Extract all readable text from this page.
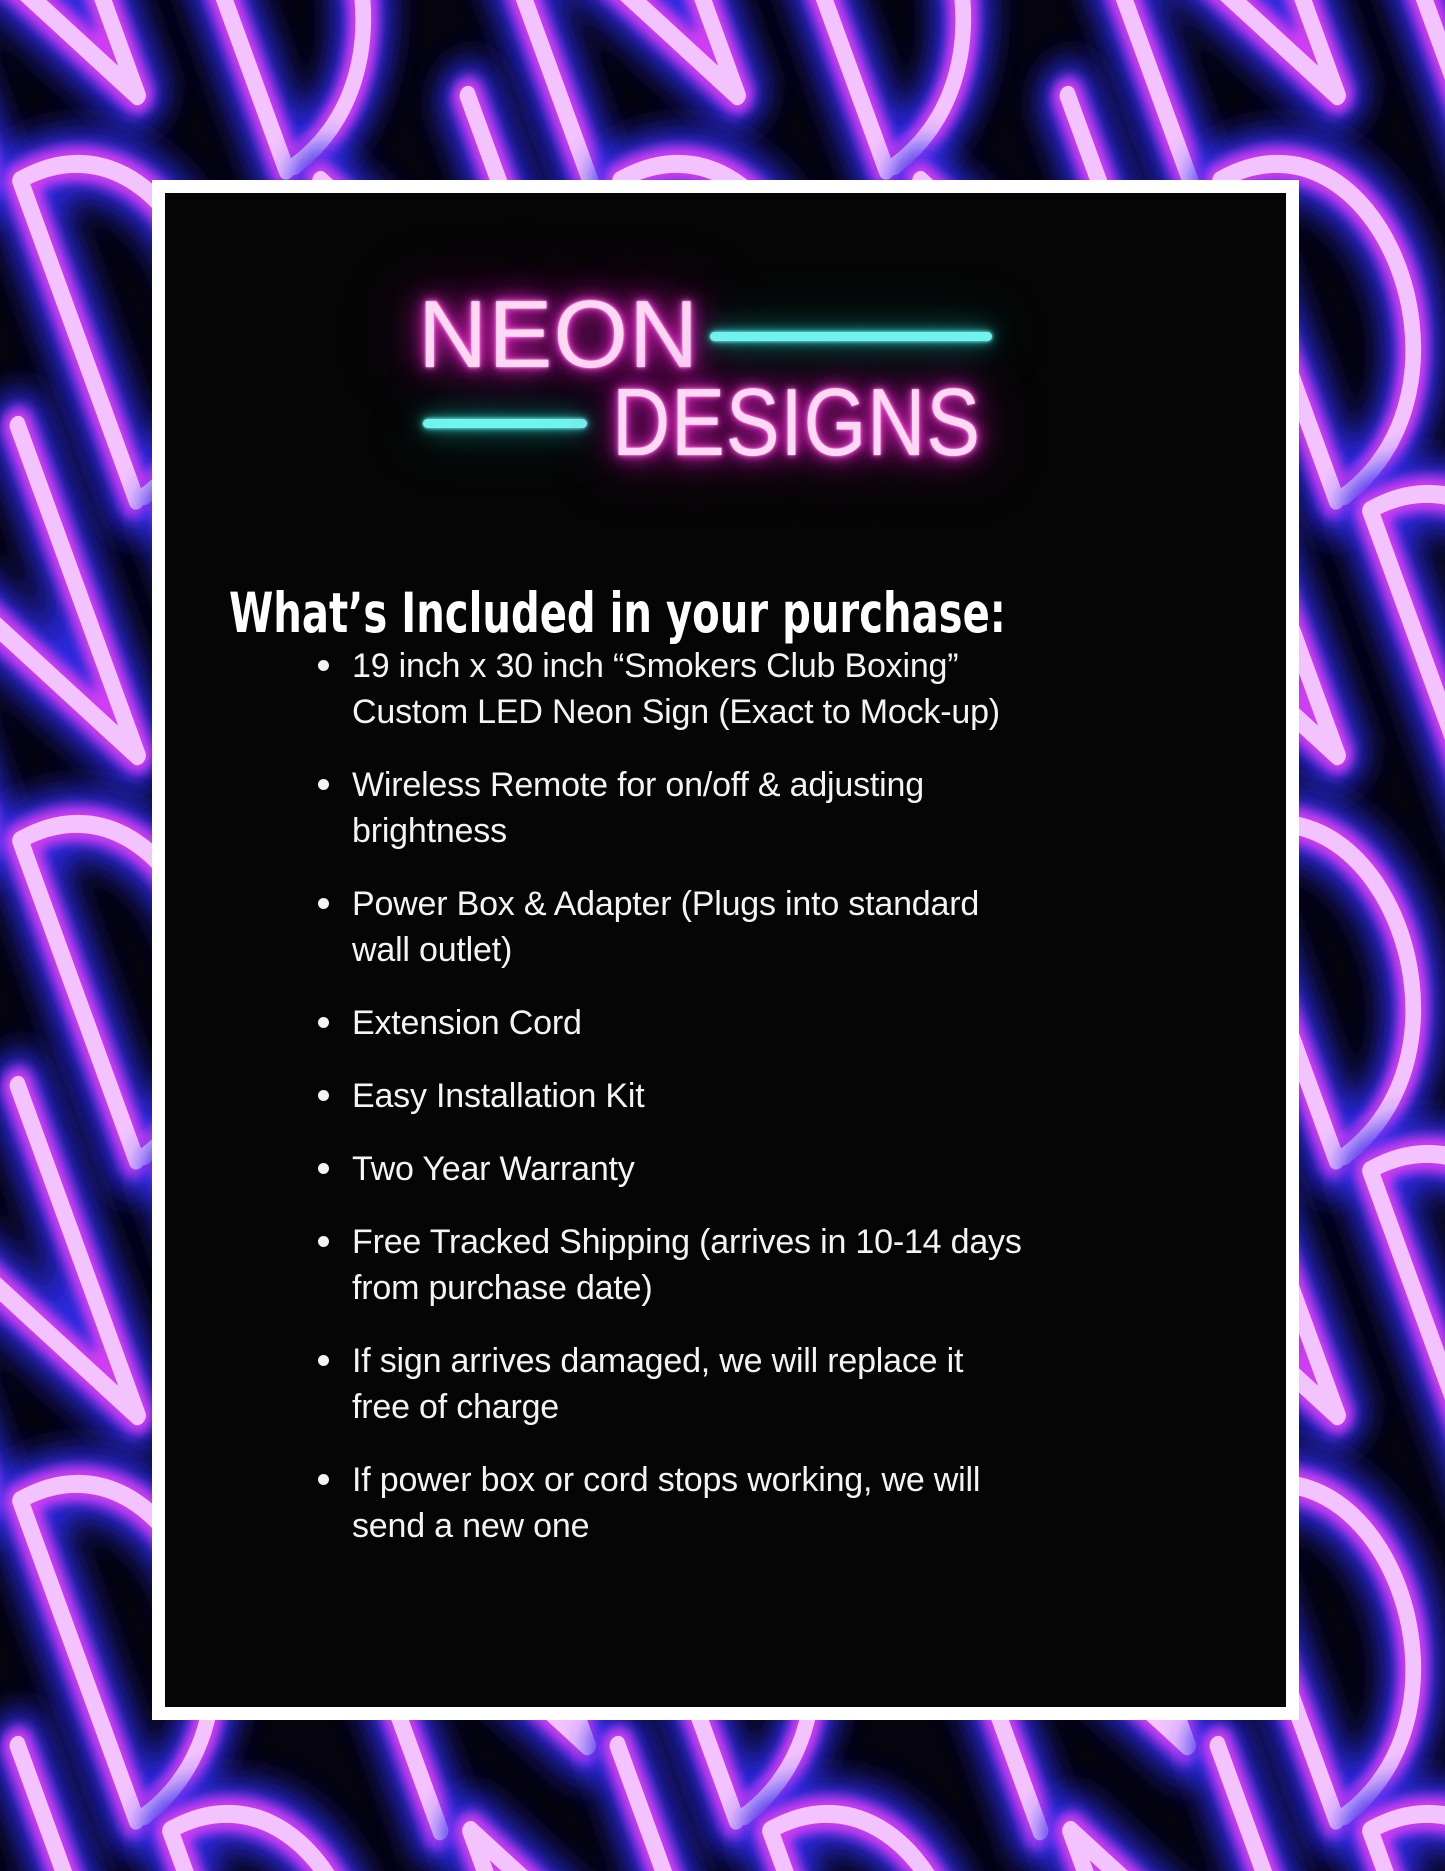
NEON
DESIGNS
What’s Included in your purchase:
19 inch x 30 inch “Smokers Club Boxing”
Custom LED Neon Sign (Exact to Mock-up)
Wireless Remote for on/off & adjusting
brightness
Power Box & Adapter (Plugs into standard
wall outlet)
Extension Cord
Easy Installation Kit
Two Year Warranty
Free Tracked Shipping (arrives in 10-14 days
from purchase date)
If sign arrives damaged, we will replace it
free of charge
If power box or cord stops working, we will
send a new one
